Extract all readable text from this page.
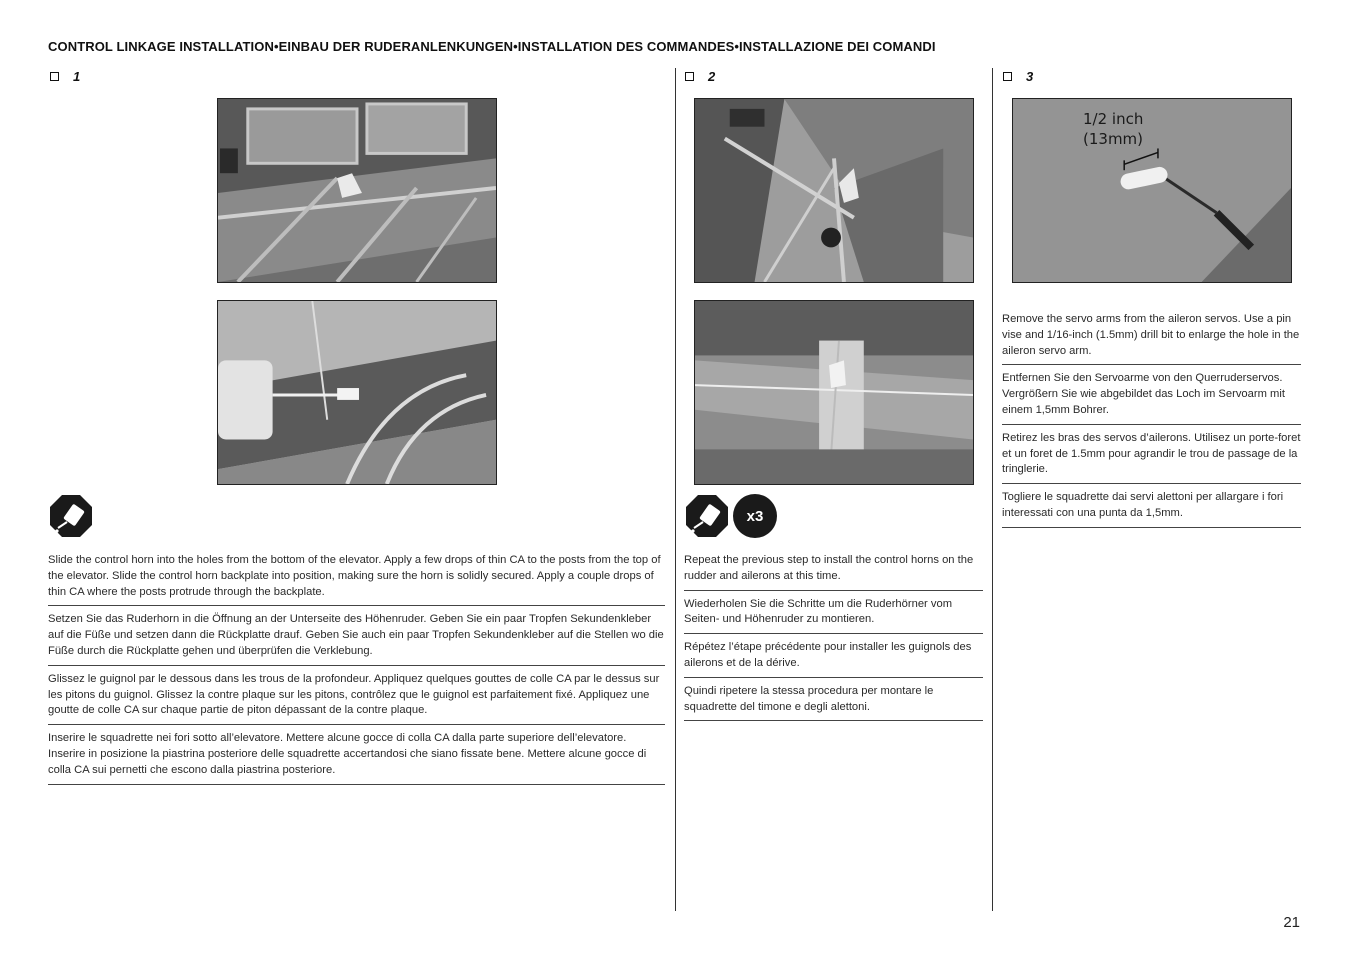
CONTROL LINKAGE INSTALLATION•EINBAU DER RUDERANLENKUNGEN•INSTALLATION DES COMMANDES•INSTALLAZIONE DEI COMANDI
1	2	3

Slide the control horn into the holes from the bottom of the elevator. Apply a few drops of thin CA to the posts from the top of the elevator. Slide the control horn backplate into position, making sure the horn is solidly secured. Apply a couple drops of thin CA where the posts protrude through the backplate.

Setzen Sie das Ruderhorn in die Öffnung an der Unterseite des Höhenruder. Geben Sie ein paar Tropfen Sekundenkleber auf die Füße und setzen dann die Rückplatte drauf. Geben Sie auch ein paar Tropfen Sekundenkleber auf die Stellen wo die Füße durch die Rückplatte gehen und überprüfen die Verklebung.

Glissez le guignol par le dessous dans les trous de la profondeur. Appliquez quelques gouttes de colle CA par le dessus sur les pitons du guignol. Glissez la contre plaque sur les pitons, contrôlez que le guignol est parfaitement fixé. Appliquez une goutte de colle CA sur chaque partie de piton dépassant de la contre plaque.

Inserire le squadrette nei fori sotto all’elevatore. Mettere alcune gocce di colla CA dalla parte superiore dell’elevatore. Inserire in posizione la piastrina posteriore delle squadrette accertandosi che siano fissate bene. Mettere alcune gocce di colla CA sui pernetti che escono dalla piastrina posteriore.

x3

Repeat the previous step to install the control horns on the rudder and ailerons at this time.

Wiederholen Sie die Schritte um die Ruderhörner vom Seiten- und Höhenruder zu montieren.

Répétez l’étape précédente pour installer les guignols des ailerons et de la dérive.

Quindi ripetere la stessa procedura per montare le squadrette del timone e degli alettoni.

1/2 inch
(13mm)

Remove the servo arms from the aileron servos. Use a pin vise and 1/16-inch (1.5mm) drill bit to enlarge the hole in the aileron servo arm.

Entfernen Sie den Servoarme von den Querruderservos. Vergrößern Sie wie abgebildet das Loch im Servoarm mit einem 1,5mm Bohrer.

Retirez les bras des servos d’ailerons. Utilisez un porte-foret et un foret de 1.5mm pour agrandir le trou de passage de la tringlerie.

Togliere le squadrette dai servi alettoni per allargare i fori interessati con una punta da 1,5mm.

21
